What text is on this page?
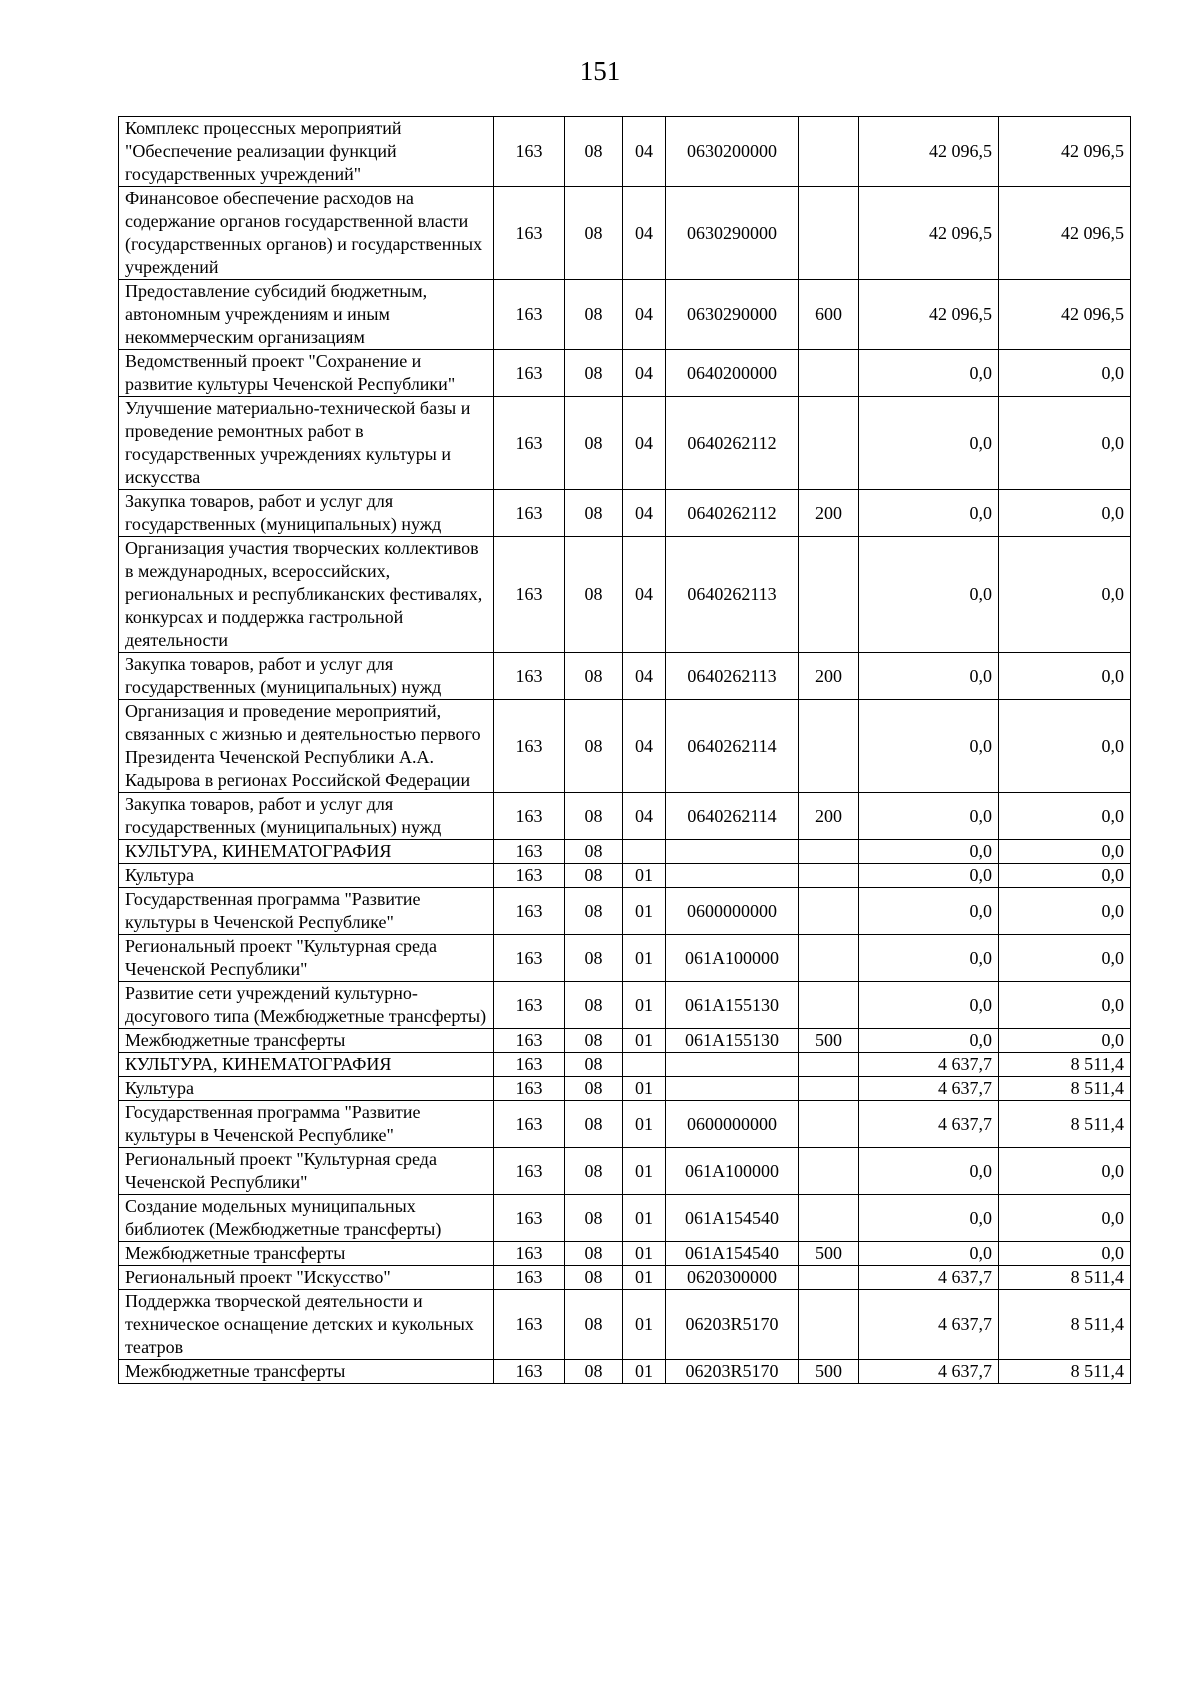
151
Комплекс процессных мероприятий "Обеспечение реализации функций государственных учреждений"	163	08	04	0630200000		42 096,5	42 096,5
Финансовое обеспечение расходов на содержание органов государственной власти (государственных органов) и государственных учреждений	163	08	04	0630290000		42 096,5	42 096,5
Предоставление субсидий бюджетным, автономным учреждениям и иным некоммерческим организациям	163	08	04	0630290000	600	42 096,5	42 096,5
Ведомственный проект "Сохранение и развитие культуры Чеченской Республики"	163	08	04	0640200000		0,0	0,0
Улучшение материально-технической базы и проведение ремонтных работ в государственных учреждениях культуры и искусства	163	08	04	0640262112		0,0	0,0
Закупка товаров, работ и услуг для государственных (муниципальных) нужд	163	08	04	0640262112	200	0,0	0,0
Организация участия творческих коллективов в международных, всероссийских, региональных и республиканских фестивалях, конкурсах и поддержка гастрольной деятельности	163	08	04	0640262113		0,0	0,0
Закупка товаров, работ и услуг для государственных (муниципальных) нужд	163	08	04	0640262113	200	0,0	0,0
Организация и проведение мероприятий, связанных с жизнью и деятельностью первого Президента Чеченской Республики А.А. Кадырова в регионах Российской Федерации	163	08	04	0640262114		0,0	0,0
Закупка товаров, работ и услуг для государственных (муниципальных) нужд	163	08	04	0640262114	200	0,0	0,0
КУЛЬТУРА, КИНЕМАТОГРАФИЯ	163	08				0,0	0,0
Культура	163	08	01			0,0	0,0
Государственная программа "Развитие культуры в Чеченской Республике"	163	08	01	0600000000		0,0	0,0
Региональный проект "Культурная среда Чеченской Республики"	163	08	01	061А100000		0,0	0,0
Развитие сети учреждений культурно-досугового типа (Межбюджетные трансферты)	163	08	01	061А155130		0,0	0,0
Межбюджетные трансферты	163	08	01	061А155130	500	0,0	0,0
КУЛЬТУРА, КИНЕМАТОГРАФИЯ	163	08				4 637,7	8 511,4
Культура	163	08	01			4 637,7	8 511,4
Государственная программа "Развитие культуры в Чеченской Республике"	163	08	01	0600000000		4 637,7	8 511,4
Региональный проект "Культурная среда Чеченской Республики"	163	08	01	061А100000		0,0	0,0
Создание модельных муниципальных библиотек (Межбюджетные трансферты)	163	08	01	061А154540		0,0	0,0
Межбюджетные трансферты	163	08	01	061А154540	500	0,0	0,0
Региональный проект "Искусство"	163	08	01	0620300000		4 637,7	8 511,4
Поддержка творческой деятельности и техническое оснащение детских и кукольных театров	163	08	01	06203R5170		4 637,7	8 511,4
Межбюджетные трансферты	163	08	01	06203R5170	500	4 637,7	8 511,4
